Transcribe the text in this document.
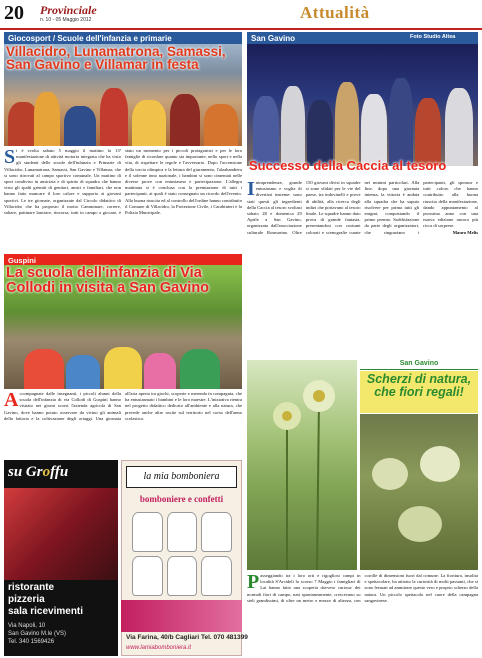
20 Provinciale
n. 10 - 05 Maggio 2012	Attualità
Giocosport / Scuole dell'infanzia e primarie
Villacidro, Lunamatrona, Samassi, San Gavino e Villamar in festa
Si è svolta sabato 5 maggio il mattino la 13ª manifestazione di attività motoria integrata che ha visto gli studenti delle scuole dell'infanzia e Primarie di Villacidro, Lunamatrona, Samassi, San Gavino e Villamar, che si sono ritrovati al campo sportivo comunale. Un mattino di sport condiviso in amicizia e di spirito di squadra che hanno visto gli spalti gremiti di genitori, amici e familiari, che non hanno fatto mancare il loro calore e supporto ai giovani sportivi. Le tre giornate, organizzate dal Circolo didattico di Villacidro che ha proposto il motto Camminare, correre, saltare, pattinare lanciare, rincorsa, tutti in campo a giocare, è stato un momento per i piccoli protagonisti e per le loro famiglie di ricordare quanto sia importante, nello sport e nella vita, di rispettare le regole e l'avversario. Dopo l'accensione della torcia olimpica e la lettura del giuramento, l'alzabandiera e il solenne inno nazionale, i bambini si sono cimentati nelle diverse prove con entusiasmo e partecipazione. L'allegra mattinata si è conclusa con la premiazione di tutti i partecipanti, ai quali è stato consegnato un ricordo dell'evento. Alla buona riuscita ed al controllo dell'ordine hanno contribuito il Comune di Villacidro, la Protezione Civile, i Carabinieri e la Polizia Municipale.
San Gavino	Foto Studio Altea
Successo della Caccia al tesoro
Intraprendenze, grande entusiasmo e voglia di divertirsi insieme: sono stati questi gli ingredienti della Caccia al tesoro svoltasi sabato 28 e domenica 29 Aprile a San Gavino, organizzata dall'associazione culturale Rosmarino. Oltre 150 giovani divisi in squadre si sono sfidati per le vie del paese, tra indovinelli e prove di abilità, alla ricerca degli indizi che portavano al tesoro finale. Le squadre hanno dato prova di grande fantasia, presentandosi con costumi colorati e scenografie curate nei minimi particolari. Alla fine, dopo una giornata intensa, la vittoria è andata alla squadra che ha saputo risolvere per prima tutti gli enigmi, conquistando il primo premio. Soddisfazione da parte degli organizzatori, che ringraziano i partecipanti, gli sponsor e tutti coloro che hanno contribuito alla buona riuscita della manifestazione, dando appuntamento al prossimo anno con una nuova edizione ancora più ricca di sorprese.
Mauro Melis
Guspini
La scuola dell'infanzia di Via Collodi in visita a San Gavino
Accompagnate dalle insegnanti, i piccoli alunni della scuola dell'infanzia di via Collodi di Guspini hanno visitato nei giorni scorsi l'azienda agricola di San Gavino, dove hanno potuto osservare da vicino gli animali della fattoria e la coltivazione degli ortaggi. Una giornata all'aria aperta tra giochi, scoperte e merenda in compagnia, che ha entusiasmato i bambini e le loro maestre. L'iniziativa rientra nel progetto didattico dedicato all'ambiente e alla natura, che prevede anche altre uscite sul territorio nel corso dell'anno scolastico.
San Gavino
Scherzi di natura, che fiori regali!
Passeggiando tra i loro orti e rigogliosi campi in località S'Arcideli lo scorso 7 Maggio i famigliari di Lai hanno fatto una scoperta davvero curiosa: dei normali fiori di campo, nati spontaneamente, crescevano su steli grandissimi, di oltre un metro e mezzo di altezza, con corolle di dimensioni fuori dal comune. La fioritura, insolita e spettacolare, ha attirato la curiosità di molti passanti, che si sono fermati ad ammirare questo vero e proprio scherzo della natura. Un piccolo spettacolo nel cuore della campagna sangavinese.
su Groffu
ristorante
pizzeria
sala ricevimenti
Via Napoli, 10
San Gavino M.le (VS)
Tel. 340 1569426
la mia bomboniera
bomboniere e confetti
Via Farina, 40/b Cagliari Tel. 070 481399
www.lamiabomboniera.it
